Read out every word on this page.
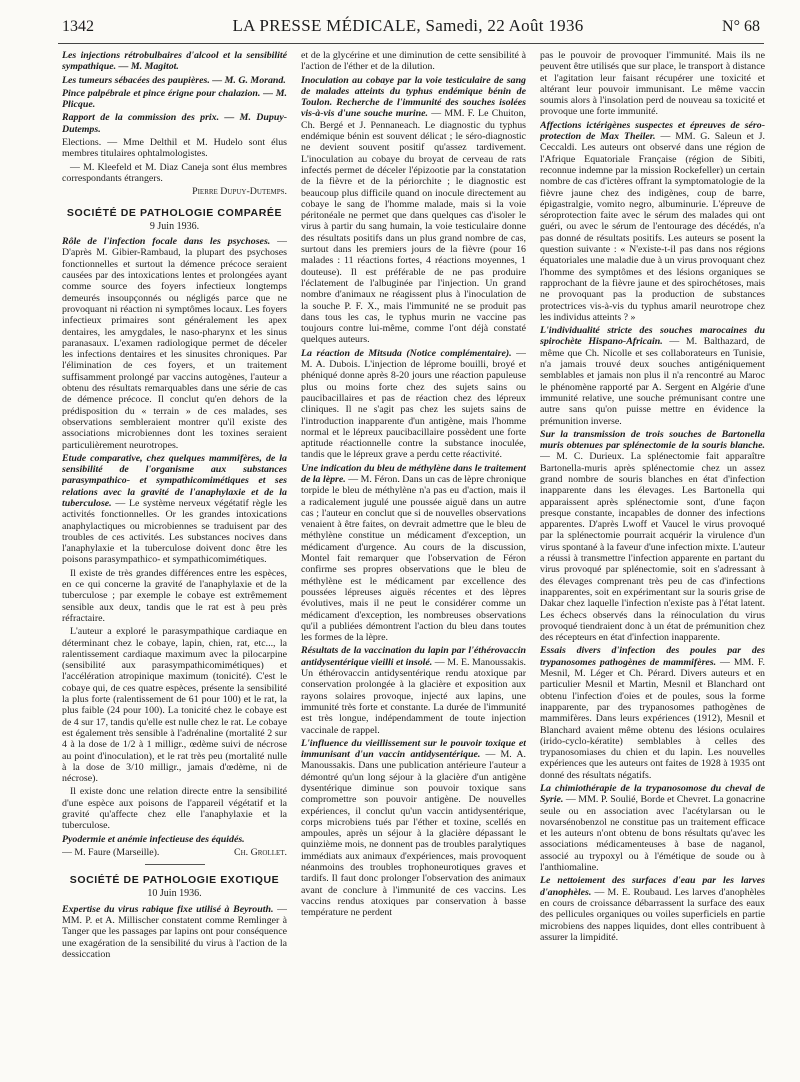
1342	LA PRESSE MÉDICALE, Samedi, 22 Août 1936	N° 68

Les injections rétrobulbaires d'alcool et la sensibilité sympathique. — M. Magitot.

Les tumeurs sébacées des paupières. — M. G. Morand.

Pince palpébrale et pince érigne pour chalazion. — M. Plicque.

Rapport de la commission des prix. — M. Dupuy-Dutemps.

Elections. — Mme Delthil et M. Hudelo sont élus membres titulaires ophtalmologistes.

— M. Kleefeld et M. Diaz Caneja sont élus membres correspondants étrangers.

Pierre Dupuy-Dutemps.
SOCIÉTÉ DE PATHOLOGIE COMPARÉE
9 Juin 1936.

Rôle de l'infection focale dans les psychoses. — D'après M. Gibier-Rambaud, la plupart des psychoses fonctionnelles et surtout la démence précoce seraient causées par des intoxications lentes et prolongées ayant comme source des foyers infectieux longtemps demeurés insoupçonnés ou négligés parce que ne provoquant ni réaction ni symptômes locaux. Les foyers infectieux primaires sont généralement les apex dentaires, les amygdales, le naso-pharynx et les sinus paranasaux. L'examen radiologique permet de déceler les infections dentaires et les sinusites chroniques. Par l'élimination de ces foyers, et un traitement suffisamment prolongé par vaccins autogènes, l'auteur a obtenu des résultats remarquables dans une série de cas de démence précoce. Il conclut qu'en dehors de la prédisposition du « terrain » de ces malades, ses observations sembleraient montrer qu'il existe des associations microbiennes dont les toxines seraient particulièrement neurotropes.

Etude comparative, chez quelques mammifères, de la sensibilité de l'organisme aux substances parasympathico- et sympathicomimétiques et ses relations avec la gravité de l'anaphylaxie et de la tuberculose. — Le système nerveux végétatif règle les activités fonctionnelles. Or les grandes intoxications anaphylactiques ou microbiennes se traduisent par des troubles de ces activités. Les substances nocives dans l'anaphylaxie et la tuberculose doivent donc être les poisons parasympathico- et sympathicomimétiques.

Il existe de très grandes différences entre les espèces, en ce qui concerne la gravité de l'anaphylaxie et de la tuberculose ; par exemple le cobaye est extrêmement sensible aux deux, tandis que le rat est à peu près réfractaire.

L'auteur a exploré le parasympathique cardiaque en déterminant chez le cobaye, lapin, chien, rat, etc..., la ralentissement cardiaque maximum avec la pilocarpine (sensibilité aux parasympathicomimétiques) et l'accélération atropinique maximum (tonicité). C'est le cobaye qui, de ces quatre espèces, présente la sensibilité la plus forte (ralentissement de 61 pour 100) et le rat, la plus faible (24 pour 100). La tonicité chez le cobaye est de 4 sur 17, tandis qu'elle est nulle chez le rat. Le cobaye est également très sensible à l'adrénaline (mortalité 2 sur 4 à la dose de 1/2 à 1 milligr., œdème suivi de nécrose au point d'inoculation), et le rat très peu (mortalité nulle à la dose de 3/10 milligr., jamais d'œdème, ni de nécrose).

Il existe donc une relation directe entre la sensibilité d'une espèce aux poisons de l'appareil végétatif et la gravité qu'affecte chez elle l'anaphylaxie et la tuberculose.

Pyodermie et anémie infectieuse des équidés.

— M. Faure (Marseille).	Ch. Grollet.
SOCIÉTÉ DE PATHOLOGIE EXOTIQUE
10 Juin 1936.

Expertise du virus rabique fixe utilisé à Beyrouth. — MM. P. et A. Millischer constatent comme Remlinger à Tanger que les passages par lapins ont pour conséquence une exagération de la sensibilité du virus à l'action de la dessiccation

et de la glycérine et une diminution de cette sensibilité à l'action de l'éther et de la dilution.

Inoculation au cobaye par la voie testiculaire de sang de malades atteints du typhus endémique bénin de Toulon. Recherche de l'immunité des souches isolées vis-à-vis d'une souche murine. — MM. F. Le Chuiton, Ch. Bergé et J. Pennaneach. Le diagnostic du typhus endémique bénin est souvent délicat ; le séro-diagnostic ne devient souvent positif qu'assez tardivement. L'inoculation au cobaye du broyat de cerveau de rats infectés permet de déceler l'épizootie par la constatation de la fièvre et de la périorchite ; le diagnostic est beaucoup plus difficile quand on inocule directement au cobaye le sang de l'homme malade, mais si la voie péritonéale ne permet que dans quelques cas d'isoler le virus à partir du sang humain, la voie testiculaire donne des résultats positifs dans un plus grand nombre de cas, surtout dans les premiers jours de la fièvre (pour 16 malades : 11 réactions fortes, 4 réactions moyennes, 1 douteuse). Il est préférable de ne pas produire l'éclatement de l'albuginée par l'injection. Un grand nombre d'animaux ne réagissent plus à l'inoculation de la souche P. F. X., mais l'immunité ne se produit pas dans tous les cas, le typhus murin ne vaccine pas toujours contre lui-même, comme l'ont déjà constaté quelques auteurs.

La réaction de Mitsuda (Notice complémentaire). — M. A. Dubois. L'injection de léprome bouilli, broyé et phéniqué donne après 8-20 jours une réaction papuleuse plus ou moins forte chez des sujets sains ou paucibacillaires et pas de réaction chez des lépreux cliniques. Il ne s'agit pas chez les sujets sains de l'introduction inapparente d'un antigène, mais l'homme normal et le lépreux paucibacillaire possèdent une forte aptitude réactionnelle contre la substance inoculée, tandis que le lépreux grave a perdu cette réactivité.

Une indication du bleu de méthylène dans le traitement de la lèpre. — M. Féron. Dans un cas de lèpre chronique torpide le bleu de méthylène n'a pas eu d'action, mais il a radicalement jugulé une poussée aiguë dans un autre cas ; l'auteur en conclut que si de nouvelles observations venaient à être faites, on devrait admettre que le bleu de méthylène constitue un médicament d'exception, un médicament d'urgence. Au cours de la discussion, Montel fait remarquer que l'observation de Féron confirme ses propres observations que le bleu de méthylène est le médicament par excellence des poussées lépreuses aiguës récentes et des lèpres évolutives, mais il ne peut le considérer comme un médicament d'exception, les nombreuses observations qu'il a publiées démontrent l'action du bleu dans toutes les formes de la lèpre.

Résultats de la vaccination du lapin par l'éthérovaccin antidysentérique vieilli et insolé. — M. E. Manoussakis. Un éthérovaccin antidysentérique rendu atoxique par conservation prolongée à la glacière et exposition aux rayons solaires provoque, injecté aux lapins, une immunité très forte et constante. La durée de l'immunité est très longue, indépendamment de toute injection vaccinale de rappel.

L'influence du vieillissement sur le pouvoir toxique et immunisant d'un vaccin antidysentérique. — M. A. Manoussakis. Dans une publication antérieure l'auteur a démontré qu'un long séjour à la glacière d'un antigène dysentérique diminue son pouvoir toxique sans compromettre son pouvoir antigène. De nouvelles expériences, il conclut qu'un vaccin antidysentérique, corps microbiens tués par l'éther et toxine, scellés en ampoules, après un séjour à la glacière dépassant le quinzième mois, ne donnent pas de troubles paralytiques immédiats aux animaux d'expériences, mais provoquent néanmoins des troubles trophoneurotiques graves et tardifs. Il faut donc prolonger l'observation des animaux avant de conclure à l'immunité de ces vaccins. Les vaccins rendus atoxiques par conservation à basse température ne perdent

pas le pouvoir de provoquer l'immunité. Mais ils ne peuvent être utilisés que sur place, le transport à distance et l'agitation leur faisant récupérer une toxicité et altérant leur pouvoir immunisant. Le même vaccin soumis alors à l'insolation perd de nouveau sa toxicité et provoque une forte immunité.

Affections ictérigènes suspectes et épreuves de séro-protection de Max Theiler. — MM. G. Saleun et J. Ceccaldi. Les auteurs ont observé dans une région de l'Afrique Equatoriale Française (région de Sibiti, reconnue indemne par la mission Rockefeller) un certain nombre de cas d'ictères offrant la symptomatologie de la fièvre jaune chez des indigènes, coup de barre, épigastralgie, vomito negro, albuminurie. L'épreuve de séroprotection faite avec le sérum des malades qui ont guéri, ou avec le sérum de l'entourage des décédés, n'a pas donné de résultats positifs. Les auteurs se posent la question suivante : « N'existe-t-il pas dans nos régions équatoriales une maladie due à un virus provoquant chez l'homme des symptômes et des lésions organiques se rapprochant de la fièvre jaune et des spirochétoses, mais ne provoquant pas la production de substances protectrices vis-à-vis du typhus amaril neurotrope chez les individus atteints ? »

L'individualité stricte des souches marocaines du spirochète Hispano-Africain. — M. Balthazard, de même que Ch. Nicolle et ses collaborateurs en Tunisie, n'a jamais trouvé deux souches antigéniquement semblables et jamais non plus il n'a rencontré au Maroc le phénomène rapporté par A. Sergent en Algérie d'une immunité relative, une souche prémunisant contre une autre sans qu'on puisse mettre en évidence la prémunition inverse.

Sur la transmission de trois souches de Bartonella muris obtenues par splénectomie de la souris blanche. — M. C. Durieux. La splénectomie fait apparaître Bartonella-muris après splénectomie chez un assez grand nombre de souris blanches en état d'infection inapparente dans les élevages. Les Bartonella qui apparaissent après splénectomie sont, d'une façon presque constante, incapables de donner des infections apparentes. D'après Lwoff et Vaucel le virus provoqué par la splénectomie pourrait acquérir la virulence d'un virus spontané à la faveur d'une infection mixte. L'auteur a réussi à transmettre l'infection apparente en partant du virus provoqué par splénectomie, soit en s'adressant à des élevages comprenant très peu de cas d'infections inapparentes, soit en expérimentant sur la souris grise de Dakar chez laquelle l'infection n'existe pas à l'état latent. Les échecs observés dans la réinoculation du virus provoqué tiendraient donc à un état de prémunition chez des récepteurs en état d'infection inapparente.

Essais divers d'infection des poules par des trypanosomes pathogènes de mammifères. — MM. F. Mesnil, M. Léger et Ch. Pérard. Divers auteurs et en particulier Mesnil et Martin, Mesnil et Blanchard ont obtenu l'infection d'oies et de poules, sous la forme inapparente, par des trypanosomes pathogènes de mammifères. Dans leurs expériences (1912), Mesnil et Blanchard avaient même obtenu des lésions oculaires (irido-cyclo-kératite) semblables à celles des trypanosomiases du chien et du lapin. Les nouvelles expériences que les auteurs ont faites de 1928 à 1935 ont donné des résultats négatifs.

La chimiothérapie de la trypanosomose du cheval de Syrie. — MM. P. Soulié, Borde et Chevret. La gonacrine seule ou en association avec l'acétylarsan ou le novarsénobenzol ne constitue pas un traitement efficace et les auteurs n'ont obtenu de bons résultats qu'avec les associations médicamenteuses à base de naganol, associé au trypoxyl ou à l'émétique de soude ou à l'anthiomaline.

Le nettoiement des surfaces d'eau par les larves d'anophèles. — M. E. Roubaud. Les larves d'anophèles en cours de croissance débarrassent la surface des eaux des pellicules organiques ou voiles superficiels en partie microbiens des nappes liquides, dont elles contribuent à assurer la limpidité.
